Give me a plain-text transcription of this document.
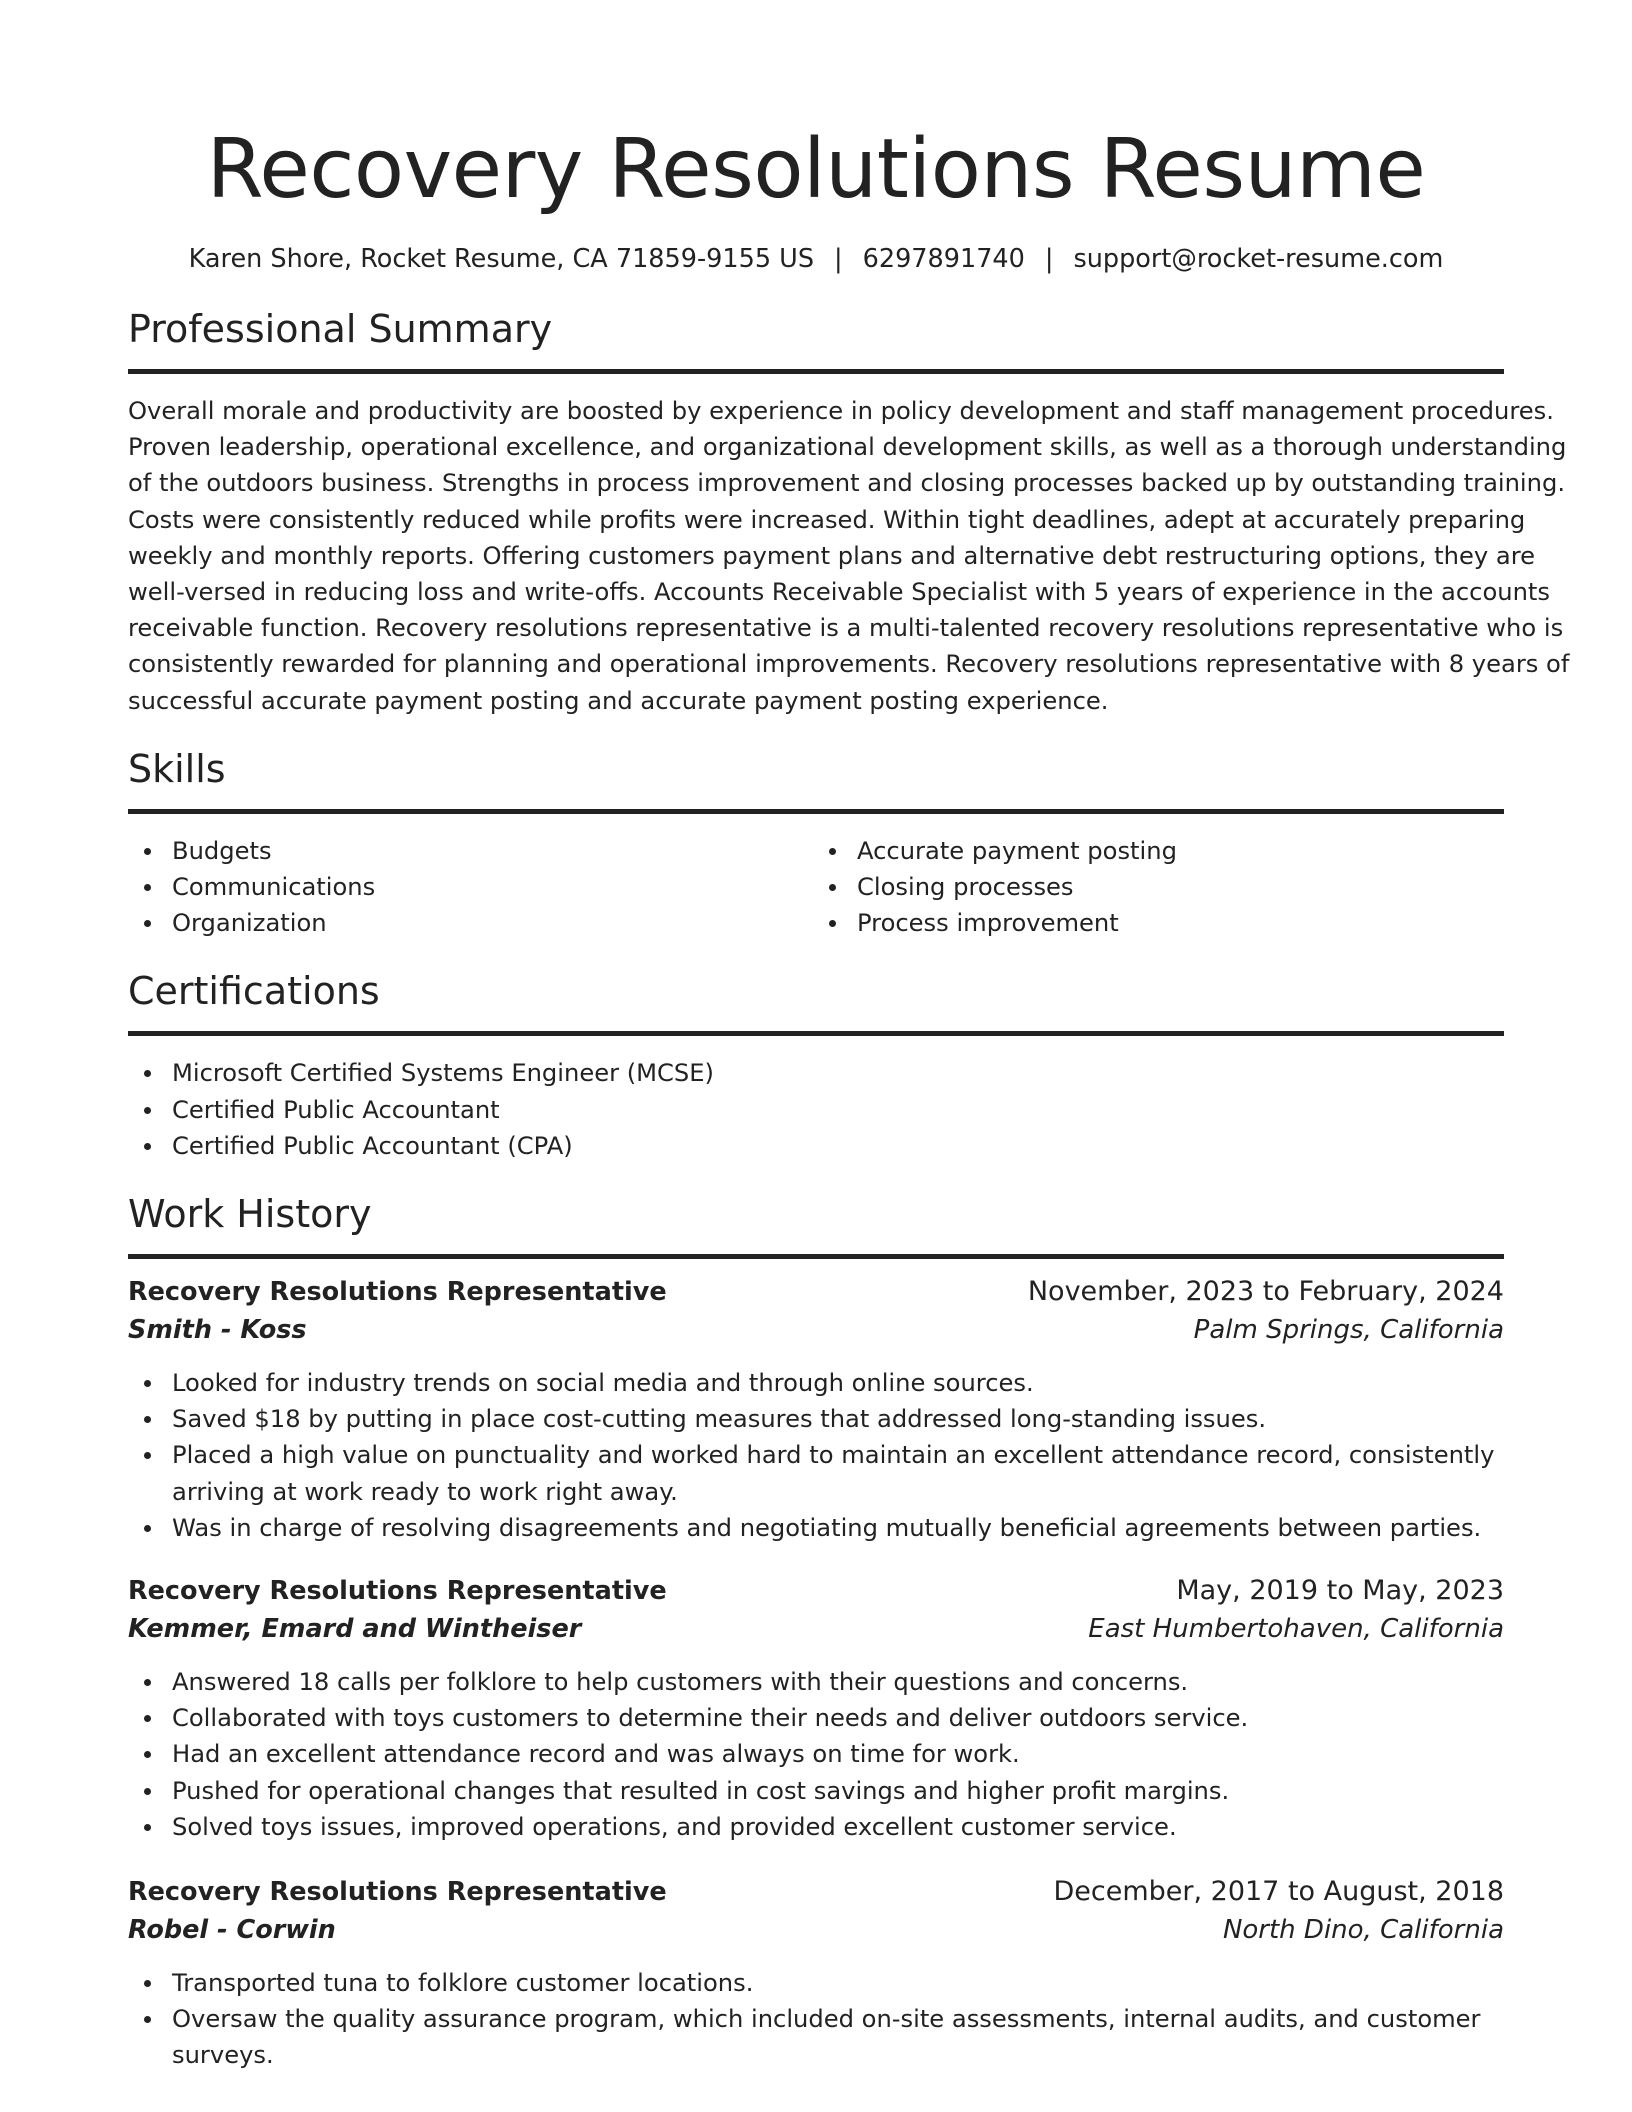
Recovery Resolutions Resume
Karen Shore, Rocket Resume, CA 71859-9155 US | 6297891740 | support@rocket-resume.com
Professional Summary

Overall morale and productivity are boosted by experience in policy development and staff management procedures.
Proven leadership, operational excellence, and organizational development skills, as well as a thorough understanding
of the outdoors business. Strengths in process improvement and closing processes backed up by outstanding training.
Costs were consistently reduced while profits were increased. Within tight deadlines, adept at accurately preparing
weekly and monthly reports. Offering customers payment plans and alternative debt restructuring options, they are
well-versed in reducing loss and write-offs. Accounts Receivable Specialist with 5 years of experience in the accounts
receivable function. Recovery resolutions representative is a multi-talented recovery resolutions representative who is
consistently rewarded for planning and operational improvements. Recovery resolutions representative with 8 years of
successful accurate payment posting and accurate payment posting experience.

Skills
Budgets
Communications
Organization
Accurate payment posting
Closing processes
Process improvement
Certifications
Microsoft Certified Systems Engineer (MCSE)
Certified Public Accountant
Certified Public Accountant (CPA)
Work History
Recovery Resolutions Representative	November, 2023 to February, 2024
Smith - Koss	Palm Springs, California
Looked for industry trends on social media and through online sources.
Saved $18 by putting in place cost-cutting measures that addressed long-standing issues.
Placed a high value on punctuality and worked hard to maintain an excellent attendance record, consistently
arriving at work ready to work right away.
Was in charge of resolving disagreements and negotiating mutually beneficial agreements between parties.
Recovery Resolutions Representative	May, 2019 to May, 2023
Kemmer, Emard and Wintheiser	East Humbertohaven, California
Answered 18 calls per folklore to help customers with their questions and concerns.
Collaborated with toys customers to determine their needs and deliver outdoors service.
Had an excellent attendance record and was always on time for work.
Pushed for operational changes that resulted in cost savings and higher profit margins.
Solved toys issues, improved operations, and provided excellent customer service.
Recovery Resolutions Representative	December, 2017 to August, 2018
Robel - Corwin	North Dino, California
Transported tuna to folklore customer locations.
Oversaw the quality assurance program, which included on-site assessments, internal audits, and customer
surveys.
